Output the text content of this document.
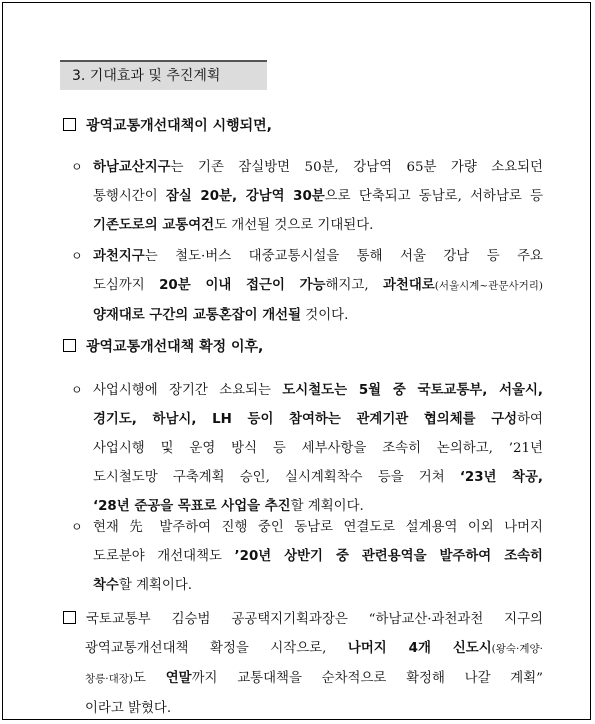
3. 기대효과 및 추진계획
광역교통개선대책이 시행되면,
ㅇ 하남교산지구는 기존 잠실방면 50분, 강남역 65분 가량 소요되던
통행시간이 잠실 20분, 강남역 30분으로 단축되고 동남로, 서하남로 등
기존도로의 교통여건도 개선될 것으로 기대된다.
ㅇ 과천지구는 철도·버스 대중교통시설을 통해 서울 강남 등 주요
도심까지 20분 이내 접근이 가능해지고, 과천대로(서울시계~관문사거리)
양재대로 구간의 교통혼잡이 개선될 것이다.
광역교통개선대책 확정 이후,
ㅇ 사업시행에 장기간 소요되는 도시철도는 5월 중 국토교통부, 서울시,
경기도, 하남시, LH 등이 참여하는 관계기관 협의체를 구성하여
사업시행 및 운영 방식 등 세부사항을 조속히 논의하고, ’21년
도시철도망 구축계획 승인, 실시계획착수 등을 거쳐 ‘23년 착공,
‘28년 준공을 목표로 사업을 추진할 계획이다.
ㅇ 현재 先 발주하여 진행 중인 동남로 연결도로 설계용역 이외 나머지
도로분야 개선대책도 ’20년 상반기 중 관련용역을 발주하여 조속히
착수할 계획이다.
국토교통부 김승범 공공택지기획과장은 “하남교산·과천과천 지구의
광역교통개선대책 확정을 시작으로, 나머지 4개 신도시(왕숙·계양·
창릉·대장)도 연말까지 교통대책을 순차적으로 확정해 나갈 계획”
이라고 밝혔다.
